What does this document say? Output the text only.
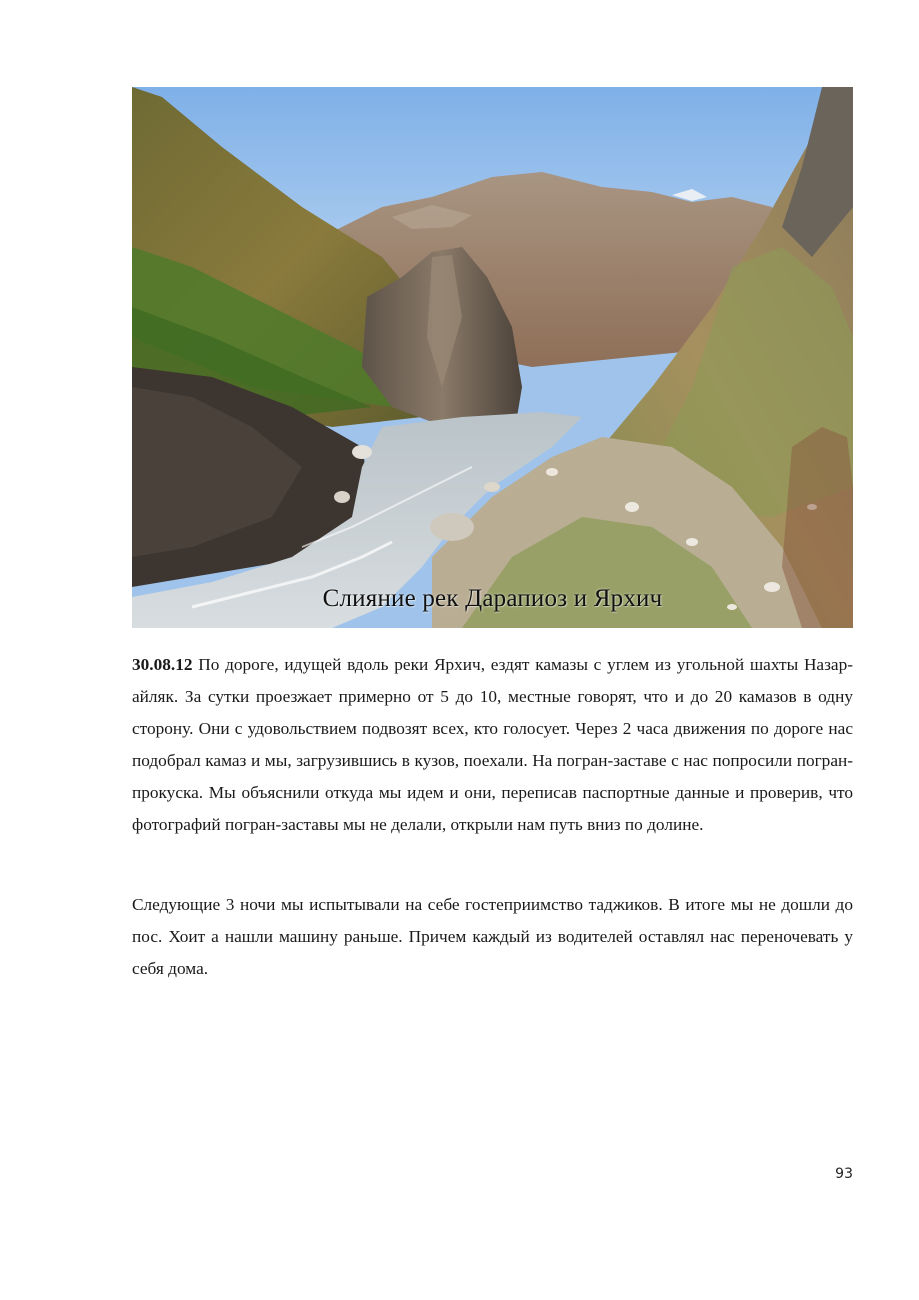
Слияние рек Дарапиоз и Ярхич

30.08.12 По дороге, идущей вдоль реки Ярхич, ездят камазы с углем из угольной шахты Назар-айляк. За сутки проезжает примерно от 5 до 10, местные говорят, что и до 20 камазов в одну сторону. Они с удовольствием подвозят всех, кто голосует. Через 2 часа движения по дороге нас подобрал камаз и мы, загрузившись в кузов, поехали. На погран-заставе с нас попросили погран-прокуска. Мы объяснили откуда мы идем и они, переписав паспортные данные и проверив, что фотографий погран-заставы мы не делали, открыли нам путь вниз по долине.

Следующие 3 ночи мы испытывали на себе гостеприимство таджиков. В итоге мы не дошли до пос. Хоит а нашли машину раньше. Причем каждый из водителей оставлял нас переночевать у себя дома.

93
